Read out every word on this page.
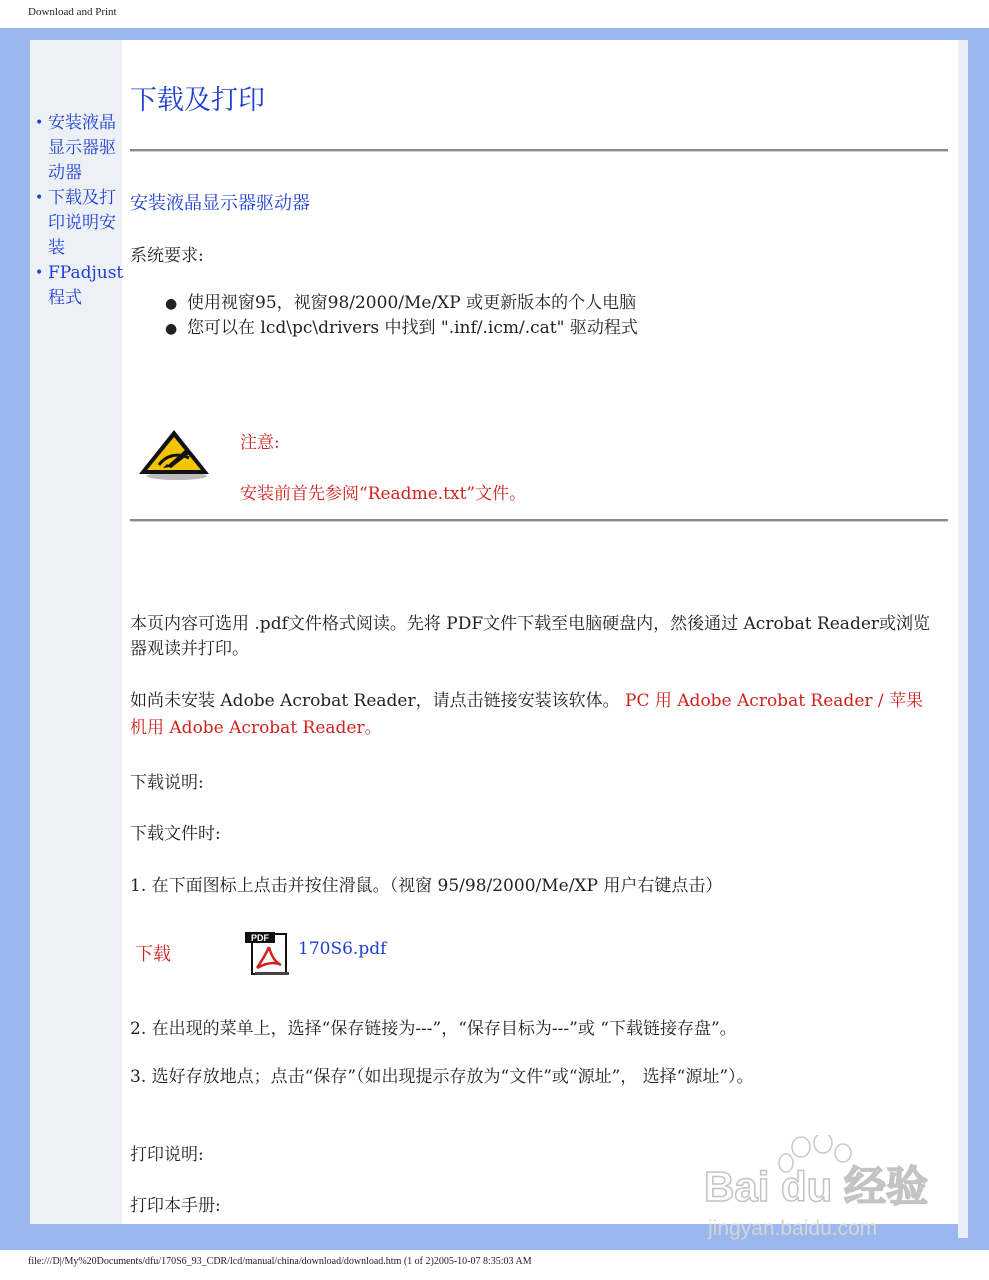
Download and Print
• 安装液晶显示器驱动器
• 下载及打印说明安装
• FPadjust程式
下载及打印
安装液晶显示器驱动器
系统要求:
● 使用视窗95，视窗98/2000/Me/XP 或更新版本的个人电脑
● 您可以在 lcd\pc\drivers 中找到 ".inf/.icm/.cat" 驱动程式
注意:
安装前首先参阅“Readme.txt”文件。
本页内容可选用 .pdf文件格式阅读。先将 PDF文件下载至电脑硬盘内，然後通过 Acrobat Reader或浏览器观读并打印。
如尚未安装 Adobe Acrobat Reader，请点击链接安装该软体。 PC 用 Adobe Acrobat Reader / 苹果机用 Adobe Acrobat Reader。
下载说明:
下载文件时:
1. 在下面图标上点击并按住滑鼠。（视窗 95/98/2000/Me/XP 用户右键点击）
下载
PDF
170S6.pdf
2. 在出现的菜单上，选择“保存链接为---”，“保存目标为---”或 “下载链接存盘”。
3. 选好存放地点；点击“保存”（如出现提示存放为“文件”或“源址”， 选择“源址”）。
打印说明:
打印本手册:	Bai du 经验
jingyan.baidu.com
file:///D|/My%20Documents/dfu/170S6_93_CDR/lcd/manual/china/download/download.htm (1 of 2)2005-10-07 8:35:03 AM
